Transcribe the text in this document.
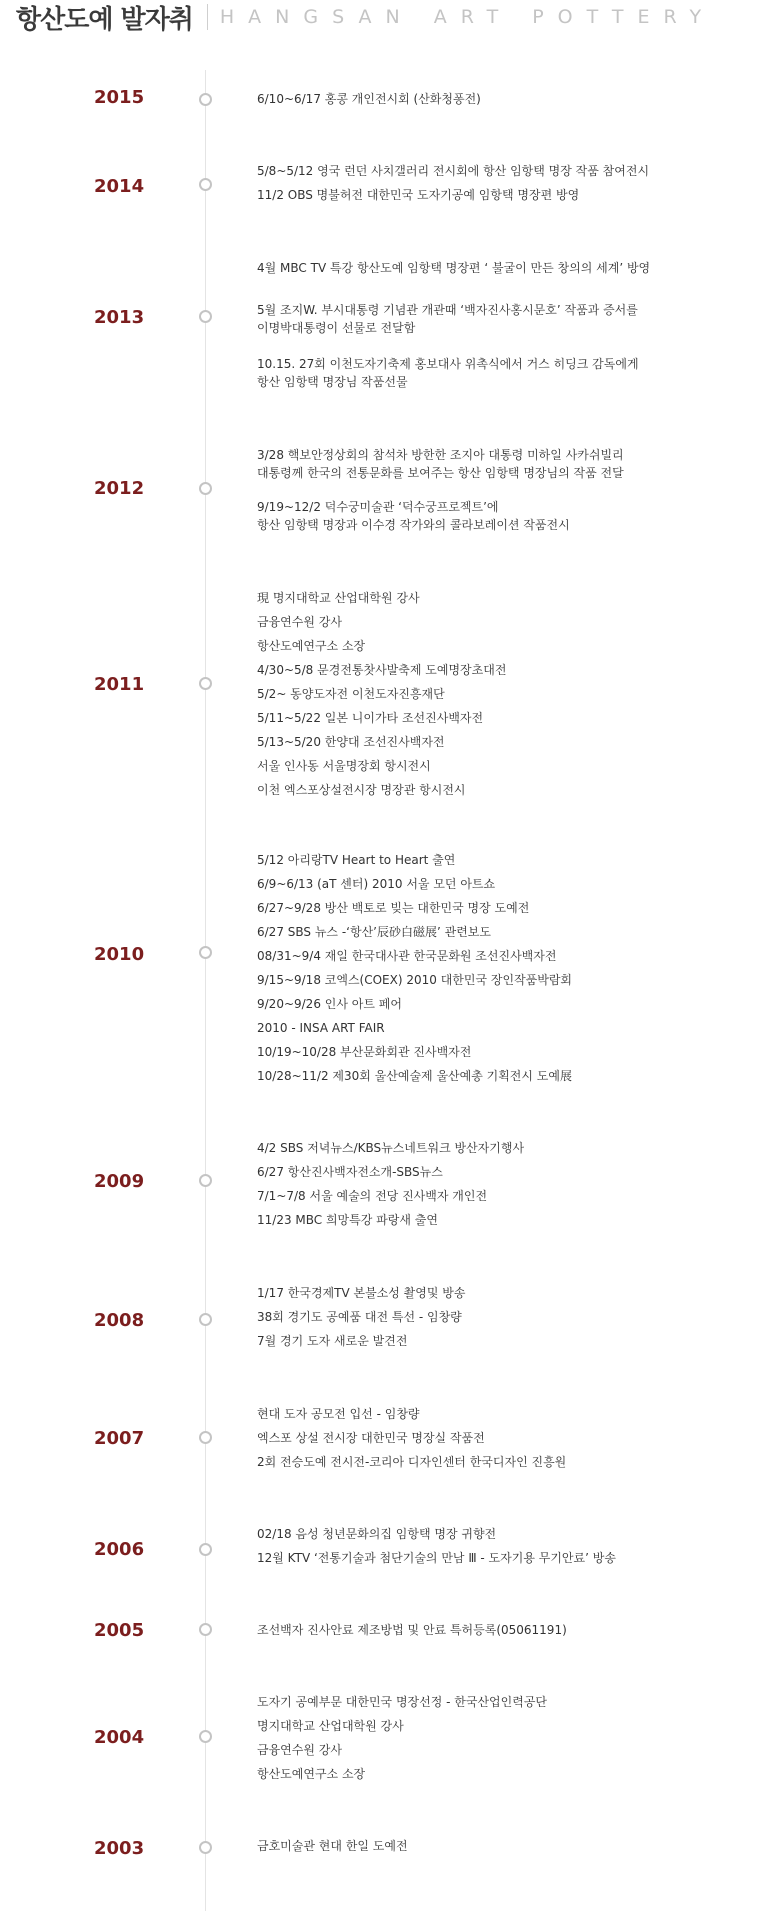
항산도예 발자취 HANGSAN ART POTTERY
2015	6/10~6/17 홍콩 개인전시회 (산화청퐁전)
2014
5/8~5/12 영국 런던 사치갤러리 전시회에 항산 임항택 명장 작품 참여전시
11/2 OBS 명불허전 대한민국 도자기공예 임항택 명장편 방영
2013
4월 MBC TV 특강 항산도예 임항택 명장편 ‘ 불굴이 만든 창의의 세계’ 방영
5월 조지W. 부시대통령 기념관 개관때 ‘백자진사홍시문호’ 작품과 증서를
이명박대통령이 선물로 전달함
10.15. 27회 이천도자기축제 홍보대사 위촉식에서 거스 히딩크 감독에게
항산 임항택 명장님 작품선물
2012
3/28 핵보안정상회의 참석차 방한한 조지아 대통령 미하일 사카쉬빌리
대통령께 한국의 전통문화를 보여주는 항산 임항택 명장님의 작품 전달
9/19~12/2 덕수궁미술관 ‘덕수궁프로젝트’에
항산 임항택 명장과 이수경 작가와의 콜라보레이션 작품전시
2011
現 명지대학교 산업대학원 강사
금융연수원 강사
항산도예연구소 소장
4/30~5/8 문경전통찻사발축제 도예명장초대전
5/2~ 동양도자전 이천도자진흥재단
5/11~5/22 일본 니이가타 조선진사백자전
5/13~5/20 한양대 조선진사백자전
서울 인사동 서울명장회 항시전시
이천 엑스포상설전시장 명장관 항시전시
2010
5/12 아리랑TV Heart to Heart 출연
6/9~6/13 (aT 센터) 2010 서울 모던 아트쇼
6/27~9/28 방산 백토로 빚는 대한민국 명장 도예전
6/27 SBS 뉴스 -‘항산’辰砂白磁展’ 관련보도
08/31~9/4 재일 한국대사관 한국문화원 조선진사백자전
9/15~9/18 코엑스(COEX) 2010 대한민국 장인작품박람회
9/20~9/26 인사 아트 페어
2010 - INSA ART FAIR
10/19~10/28 부산문화회관 진사백자전
10/28~11/2 제30회 울산예술제 울산예총 기획전시 도예展
2009
4/2 SBS 저녁뉴스/KBS뉴스네트워크 방산자기행사
6/27 항산진사백자전소개-SBS뉴스
7/1~7/8 서울 예술의 전당 진사백자 개인전
11/23 MBC 희망특강 파랑새 출연
2008
1/17 한국경제TV 본불소성 촬영및 방송
38회 경기도 공예품 대전 특선 - 임창량
7월 경기 도자 새로운 발견전
2007
현대 도자 공모전 입선 - 임창량
엑스포 상설 전시장 대한민국 명장실 작품전
2회 전승도예 전시전-코리아 디자인센터 한국디자인 진흥원
2006
02/18 음성 청년문화의집 임항택 명장 귀향전
12월 KTV ‘전통기술과 첨단기술의 만남 Ⅲ - 도자기용 무기안료’ 방송
2005	조선백자 진사안료 제조방법 및 안료 특허등록(05061191)
2004
도자기 공예부문 대한민국 명장선정 - 한국산업인력공단
명지대학교 산업대학원 강사
금융연수원 강사
항산도예연구소 소장
2003	금호미술관 현대 한일 도예전
